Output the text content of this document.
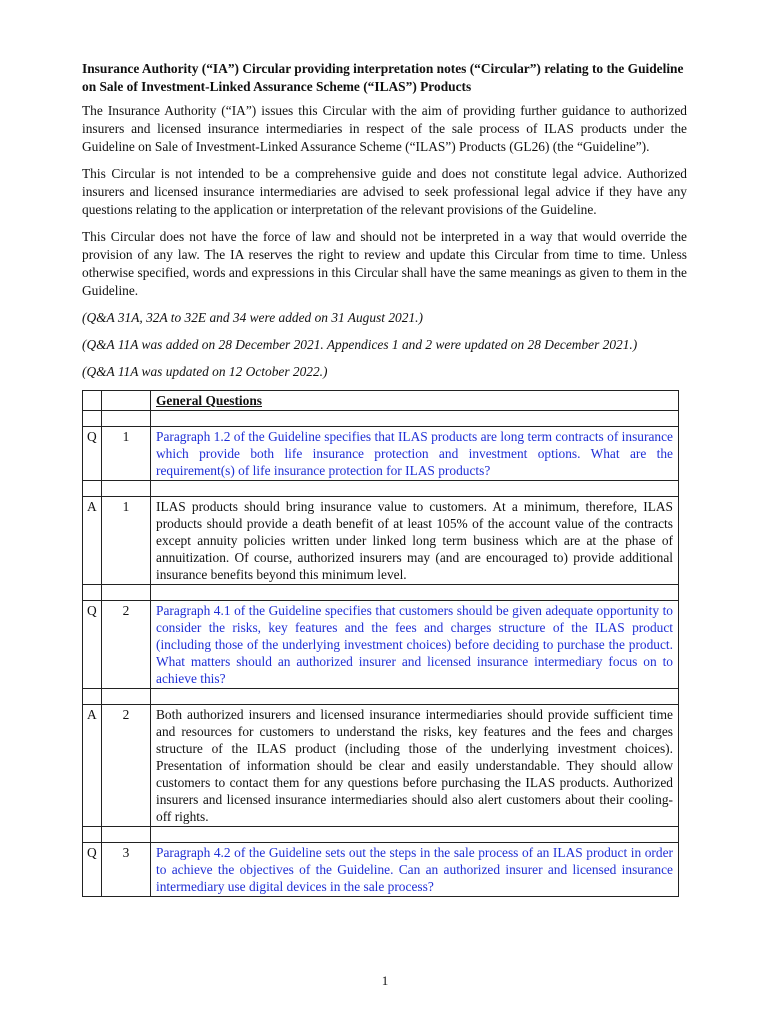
Insurance Authority (“IA”) Circular providing interpretation notes (“Circular”) relating to the Guideline on Sale of Investment-Linked Assurance Scheme (“ILAS”) Products

The Insurance Authority (“IA”) issues this Circular with the aim of providing further guidance to authorized insurers and licensed insurance intermediaries in respect of the sale process of ILAS products under the Guideline on Sale of Investment-Linked Assurance Scheme (“ILAS”) Products (GL26) (the “Guideline”).

This Circular is not intended to be a comprehensive guide and does not constitute legal advice. Authorized insurers and licensed insurance intermediaries are advised to seek professional legal advice if they have any questions relating to the application or interpretation of the relevant provisions of the Guideline.

This Circular does not have the force of law and should not be interpreted in a way that would override the provision of any law. The IA reserves the right to review and update this Circular from time to time. Unless otherwise specified, words and expressions in this Circular shall have the same meanings as given to them in the Guideline.

(Q&A 31A, 32A to 32E and 34 were added on 31 August 2021.)

(Q&A 11A was added on 28 December 2021. Appendices 1 and 2 were updated on 28 December 2021.)

(Q&A 11A was updated on 12 October 2022.)

		General Questions

Q	1	Paragraph 1.2 of the Guideline specifies that ILAS products are long term contracts of insurance which provide both life insurance protection and investment options. What are the requirement(s) of life insurance protection for ILAS products?

A	1	ILAS products should bring insurance value to customers. At a minimum, therefore, ILAS products should provide a death benefit of at least 105% of the account value of the contracts except annuity policies written under linked long term business which are at the phase of annuitization. Of course, authorized insurers may (and are encouraged to) provide additional insurance benefits beyond this minimum level.

Q	2	Paragraph 4.1 of the Guideline specifies that customers should be given adequate opportunity to consider the risks, key features and the fees and charges structure of the ILAS product (including those of the underlying investment choices) before deciding to purchase the product. What matters should an authorized insurer and licensed insurance intermediary focus on to achieve this?

A	2	Both authorized insurers and licensed insurance intermediaries should provide sufficient time and resources for customers to understand the risks, key features and the fees and charges structure of the ILAS product (including those of the underlying investment choices). Presentation of information should be clear and easily understandable. They should allow customers to contact them for any questions before purchasing the ILAS products. Authorized insurers and licensed insurance intermediaries should also alert customers about their cooling-off rights.

Q	3	Paragraph 4.2 of the Guideline sets out the steps in the sale process of an ILAS product in order to achieve the objectives of the Guideline. Can an authorized insurer and licensed insurance intermediary use digital devices in the sale process?
1
